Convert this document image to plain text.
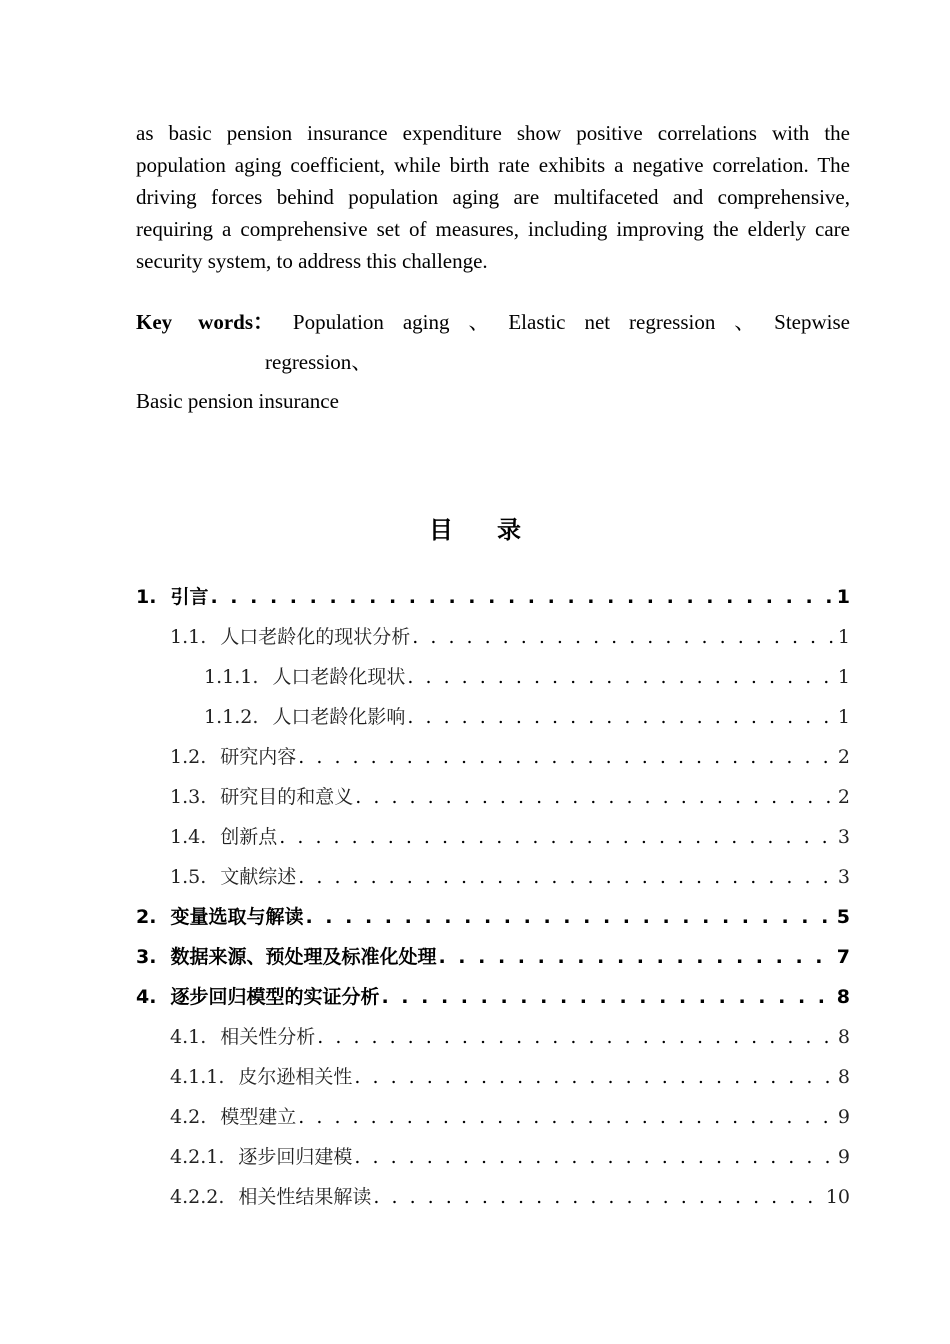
as basic pension insurance expenditure show positive correlations with the population aging coefficient, while birth rate exhibits a negative correlation. The driving forces behind population aging are multifaceted and comprehensive, requiring a comprehensive set of measures, including improving the elderly care security system, to address this challenge.

Key words： Population aging 、 Elastic net regression 、 Stepwise
regression、
Basic pension insurance
目录
1. 引言 . . .	1
1.1. 人口老龄化的现状分析 . . .	1
1.1.1. 人口老龄化现状 . . .	1
1.1.2. 人口老龄化影响 . . .	1
1.2. 研究内容 . . .	2
1.3. 研究目的和意义 . . .	2
1.4. 创新点 . . .	3
1.5. 文献综述 . . .	3
2. 变量选取与解读 . . .	5
3. 数据来源、预处理及标准化处理 . . .	7
4. 逐步回归模型的实证分析 . . .	8
4.1. 相关性分析 . . .	8
4.1.1. 皮尔逊相关性 . . .	8
4.2. 模型建立 . . .	9
4.2.1. 逐步回归建模 . . .	9
4.2.2. 相关性结果解读 . . .	10
